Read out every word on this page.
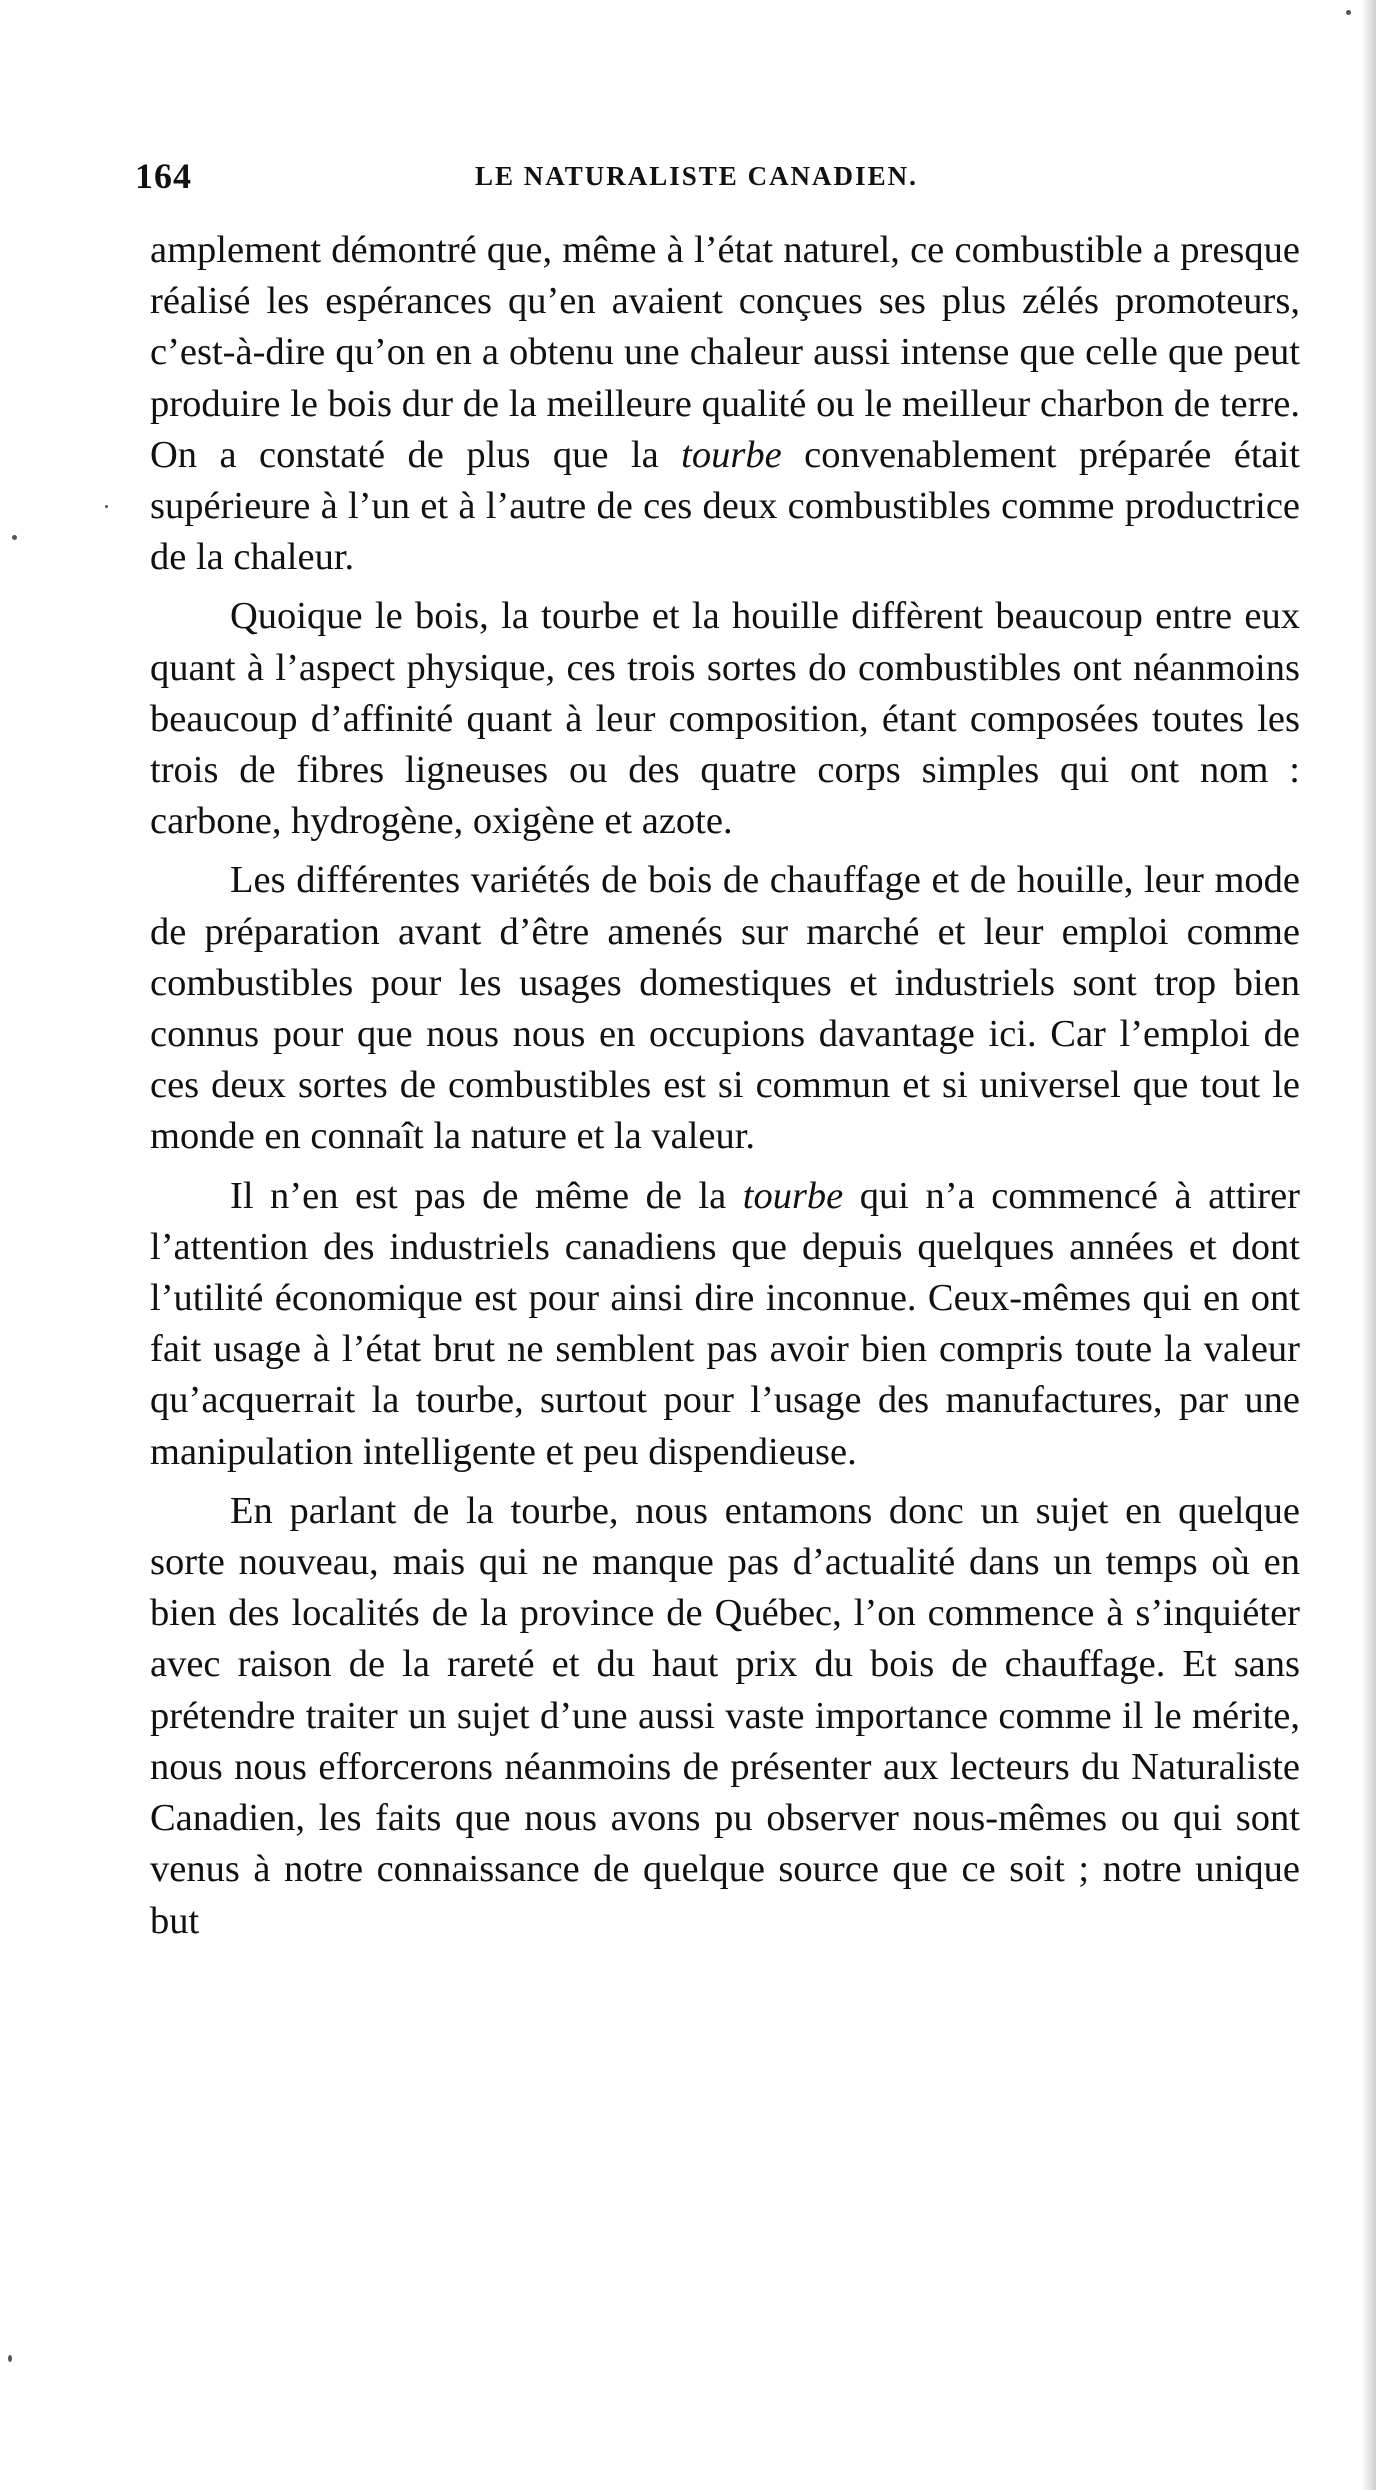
164	LE NATURALISTE CANADIEN.

amplement démontré que, même à l’état naturel, ce combustible a presque réalisé les espérances qu’en avaient conçues ses plus zélés promoteurs, c’est-à-dire qu’on en a obtenu une chaleur aussi intense que celle que peut produire le bois dur de la meilleure qualité ou le meilleur charbon de terre. On a constaté de plus que la tourbe convenablement préparée était supérieure à l’un et à l’autre de ces deux combustibles comme productrice de la chaleur.

Quoique le bois, la tourbe et la houille diffèrent beaucoup entre eux quant à l’aspect physique, ces trois sortes do combustibles ont néanmoins beaucoup d’affinité quant à leur composition, étant composées toutes les trois de fibres ligneuses ou des quatre corps simples qui ont nom : carbone, hydrogène, oxigène et azote.

Les différentes variétés de bois de chauffage et de houille, leur mode de préparation avant d’être amenés sur marché et leur emploi comme combustibles pour les usages domestiques et industriels sont trop bien connus pour que nous nous en occupions davantage ici. Car l’emploi de ces deux sortes de combustibles est si commun et si universel que tout le monde en connaît la nature et la valeur.

Il n’en est pas de même de la tourbe qui n’a commencé à attirer l’attention des industriels canadiens que depuis quelques années et dont l’utilité économique est pour ainsi dire inconnue. Ceux-mêmes qui en ont fait usage à l’état brut ne semblent pas avoir bien compris toute la valeur qu’acquerrait la tourbe, surtout pour l’usage des manufactures, par une manipulation intelligente et peu dispendieuse.

En parlant de la tourbe, nous entamons donc un sujet en quelque sorte nouveau, mais qui ne manque pas d’actualité dans un temps où en bien des localités de la province de Québec, l’on commence à s’inquiéter avec raison de la rareté et du haut prix du bois de chauffage. Et sans prétendre traiter un sujet d’une aussi vaste importance comme il le mérite, nous nous efforcerons néanmoins de présenter aux lecteurs du Naturaliste Canadien, les faits que nous avons pu observer nous-mêmes ou qui sont venus à notre connaissance de quelque source que ce soit ; notre unique but
